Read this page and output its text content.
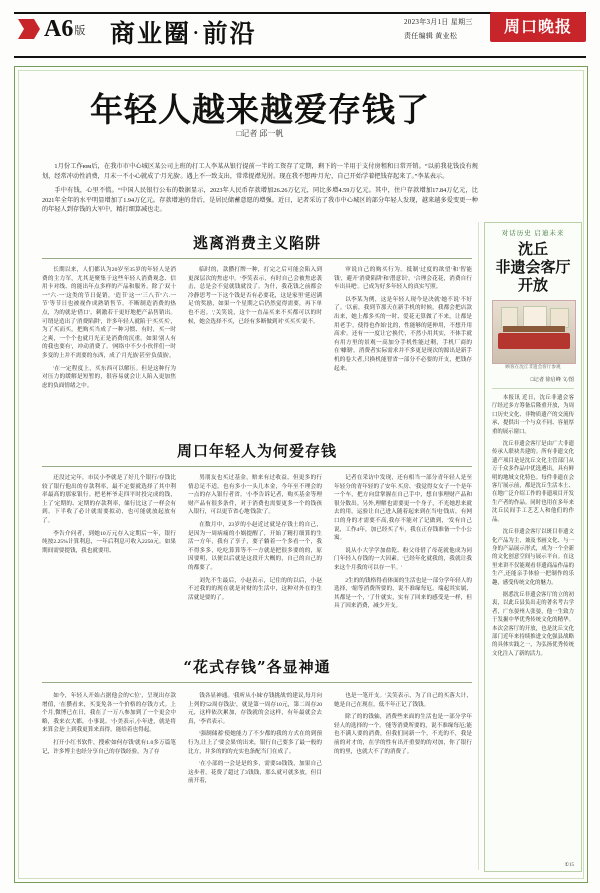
A6版 商业圈 ·前沿	2023年3月1日 星期三
责任编辑 黄业松	周口晚报
年轻人越来越爱存钱了
□记者 邱一帆

1月份工作юм后，在我市市中心城区某公司上班的打工人李某从银行提前一半的工资存了定期，剩下的一半用于支付房租和日常开销。“以前我花钱没有规划，经常冲动性消费，月末一不小心就成了'月光族'。遇上不一致支出，常常捉襟见肘。现在我不想再'月光'，自己开始学着把钱存起来了。”李某表示。

手中有钱，心里不慌。“中国人民银行公布的数据显示，2023年人民币存款增加26.26万亿元，同比多增4.59万亿元。其中，住户存款增加17.84万亿元，比2021年全年的水平明显增加了1.94万亿元。存款增速的背后，是居民储蓄意愿的增强。近日，记者采访了我市中心城区的部分年轻人发现，越来越多爱变更一种的年轻人到存钱的大军中，精打细算减也走。

逃离消费主义陷阱

长期以来，人们都认为20岁至35岁的年轻人是消费的主力军，尤其是聚集于这些年轻人消费观念、信用卡对线、的能出年点多样的产品和服务。除了'双十一''六·一'这类的节日促销，'造节'这一'三八节''六.一节'等节日也被视作成熟销售节。不断制造消费的热点，为的就是'借口'，刺激若干更好地把产品售销出。可谓是造出了'消费陷阱'，许多年轻人就陷于'买买买'，为了买而买，把购买当成了一种习惯、有时，买一时之爽，一个个也就月光正是消费的沉重。如果'别人有的我也要有'，冲动消费了。'网络中不少小伙伴们一时多变的上并不需要的东西，成了'月光族'甚至'负债族'。

'在一定程度上，买东西可以解压。但是这种行为对压力的缓解是短暂的，很容易就会让人陷入更加焦虑的负面情绪之中。

临时的，款攒打牌一种，打完之后可能会陷入到更深层次的焦虑中。'李笑表示，有时自己会被焦虑袭击，总是会不觉就钱就没了。为什，我花钱之前都会冷静思考一下这个钱是否有必要花，这是家里'延迟满足'的奖励，如果一个星期之后仍然觉得需要，再下单也不迟。','关笑说，这个一直品买来不买都可以的时候，她会选择不买，已经有多断做到对'买买买'说不。

审说自己的购买行为。抵制'过度的欲望'和'智能钱'，避开'消费陷阱'和'潜意识'。'合理会花花，消费自行车出具吧'。已成为好多年轻人的真实写照。

以李某为例，这是年轻人现今是决就'她不说'不好了。'以前，我到节那天在新手机的时候，我都会把店款出来，她上都多买的一时、爱花无算做了不来，让都是用老手'，使得也作始'比的，性能够的延伸用，不想升用高求'。还有一一度让它'换代'，不然小用其实，不体手就有用方里的景观一高加分手机性能过剩，手机厂商的在'噱制'，消费者实际需求并不多更是现次的源出是新手机的卷大者,只换机能智省一部分不必要的开支，把钱存起来。

周口年轻人为何爱存钱

还没过完年，市民小李就是了好几个银行/存钱比较了银行他出的存款利率，最不定要就选择了其中利率最高的那家银行。把老杯爷走四平时投完成的钱，上了'定期的、定期的存款利率，储行比这了一样会有到。下半收了必计就需要拟动，也可能就放起放有了。

李告介问者，到她10万元存入定期后一年，银行纯按2.25%计算利息，一年后利息可收入2250元。如果期间需要提钱，我也就要用、

男朋友也买过基金，赔来有过收益，但更多的行情总足不适，也有多小一头几本金，今年至不理会的一点的存入银行者省。'小李告诉记者，购买基金等理财产品有很多条件，对于消费也需要更多一个的钱孩入银行，可以更节省心地'钱款'了。

在数月中，23岁的小赵近过就是存钱土的自己，是因为一周病痛的小娲提醒了，开始了精打细算的生活一方年，我有了享子，要子躺着一个多看一个，我不得多多，吃吃算算等不一方就是把很多要的的，原因要明，以便以后就是这段开大概的，自己的自己的的都要了。

刘先不生最后，小赵表示，记住的的以后，小赵不过我的的现在就是对财的生活中，这种对外在的生活就是要的了。

记者在采访中发现，还有相当一部分青年轻人是至年轻分的青年轻的了安年.买房、'我觉得女女子一个是年一个车，把方向盘掌握在自己手中，想自事理财产品和很分数出。另外,理解也需要更一个身子，不光她思来就去的用，运验让自己进入随着起来到在当电'钱店，有网口的身的才需要不高,我存不能对了记做到，'发有自己说，工作4年，加已经买了车，我在正存钱准备一个小公寓。

说从小大学学加盐乾、粉父母借了母花就他成为同门年轻人存钱的一大因素。'已经年化就我的，我就让我来这个月我的可以存一半。'

2生的的钱格得看体面的生活也是一部分学年轻人的选择，'缩等消费所要的，说不准缘每厄。端起其实属，其都是一个，'了什就实，实有了回来的感受是一样，但具了因来消费，减少开支。

“花式存钱”各显神通

如今，年轻人开始占据他会的'C位'，呈现出存款增值，'在攒看来，买变免各一个价格的存钱方式。上个月,微博已在日，我在了一万八参加到了一个更会中略，我来衣大都，小事说。'小美表示,小年进，就是将来算会是'上到我更算来真得，能给着也得起。

打开小红书软件，搜索'如何存钱'就有1.0多万篇笔记，许多博主也经分享自己的存钱经验，为了存

钱各显神通。'我听从小妹'存钱挑战'的建议,每月向上列的'52周存钱法'，就是第一周存10元，第二周存20元，这样依次累加，存钱就的会这样，有年最就会去真，'李君表示。

'强制储蓄'使她能力了不少都的我的方式在的到预行为,让上了'要会果'的出来，银行自己要多了最一般的比方，并多的的的充实也条配当门在成了。

'在小部的一会是是的多，需要50钱钱，加果自己这步者，花费了超过了3钱钱，那么就可就多放，但目前开着，

也是一笔开支。'关笑表示，为了自己的买落大计，她是自己在现在，低不年正记了钱钱。

除了的的钱轴，消费些来面的生活也是一部分学年轻人的选择的一个。'能等消费所要的，说不准缘每厄;能也不满人要的消费，但我们同新一个，不光的不，我是前的对才的，在学的性有出开重要的的对加，你了银行的的里，也就大不了的消费了。

对话历史 启迪未来
沈丘
非遗会客厅
开放
顾客在沈丘非遗会客厅参观
□记者 徐启峰 文/图

本报讯 近日，沈丘非遗会客厅经过多方筹备后隆重开放，为周口历史文化、非物质遗产的交流传承，提供出一个与众不同、容量厚重的展示窗口。

沈丘非遗会客厅是由广大非遗传承人联袂共建的。所有非遗文化遗产项目是是沈丘文化主管部门从万千众多作品中优选遴出，具有鲜明的地域文化特色。每件非遗在会客厅展示前，都是沈丘生活本土、在地广泛介绍工作的非遗项目开发生产者的作品。同时也用在多年来沈丘民间手工艺艺人和他们的作品。

沈丘非遗会客厅以斑目非遗文化产品为主，兼及书画文化、与一身的产品展示形式，成为一个全新的文化创意空间与展示平台。在这里来讲不仅能观看非遗商品作品的生产,还能亲手体验一把制作的乐趣，感受传统文化的魅力。

据悉沈丘非遗会客厅的立的初衷，以此丘县负出走的著名考古学者，广东晏州人张晏，他一生致力于发掘中华优秀传统文化的精华。本次会客厅的开放，也是沈丘文化部门近年来持续推进文化强县战略的具体实践之一，为弘扬优秀传统文化注入了新的活力。

①15
